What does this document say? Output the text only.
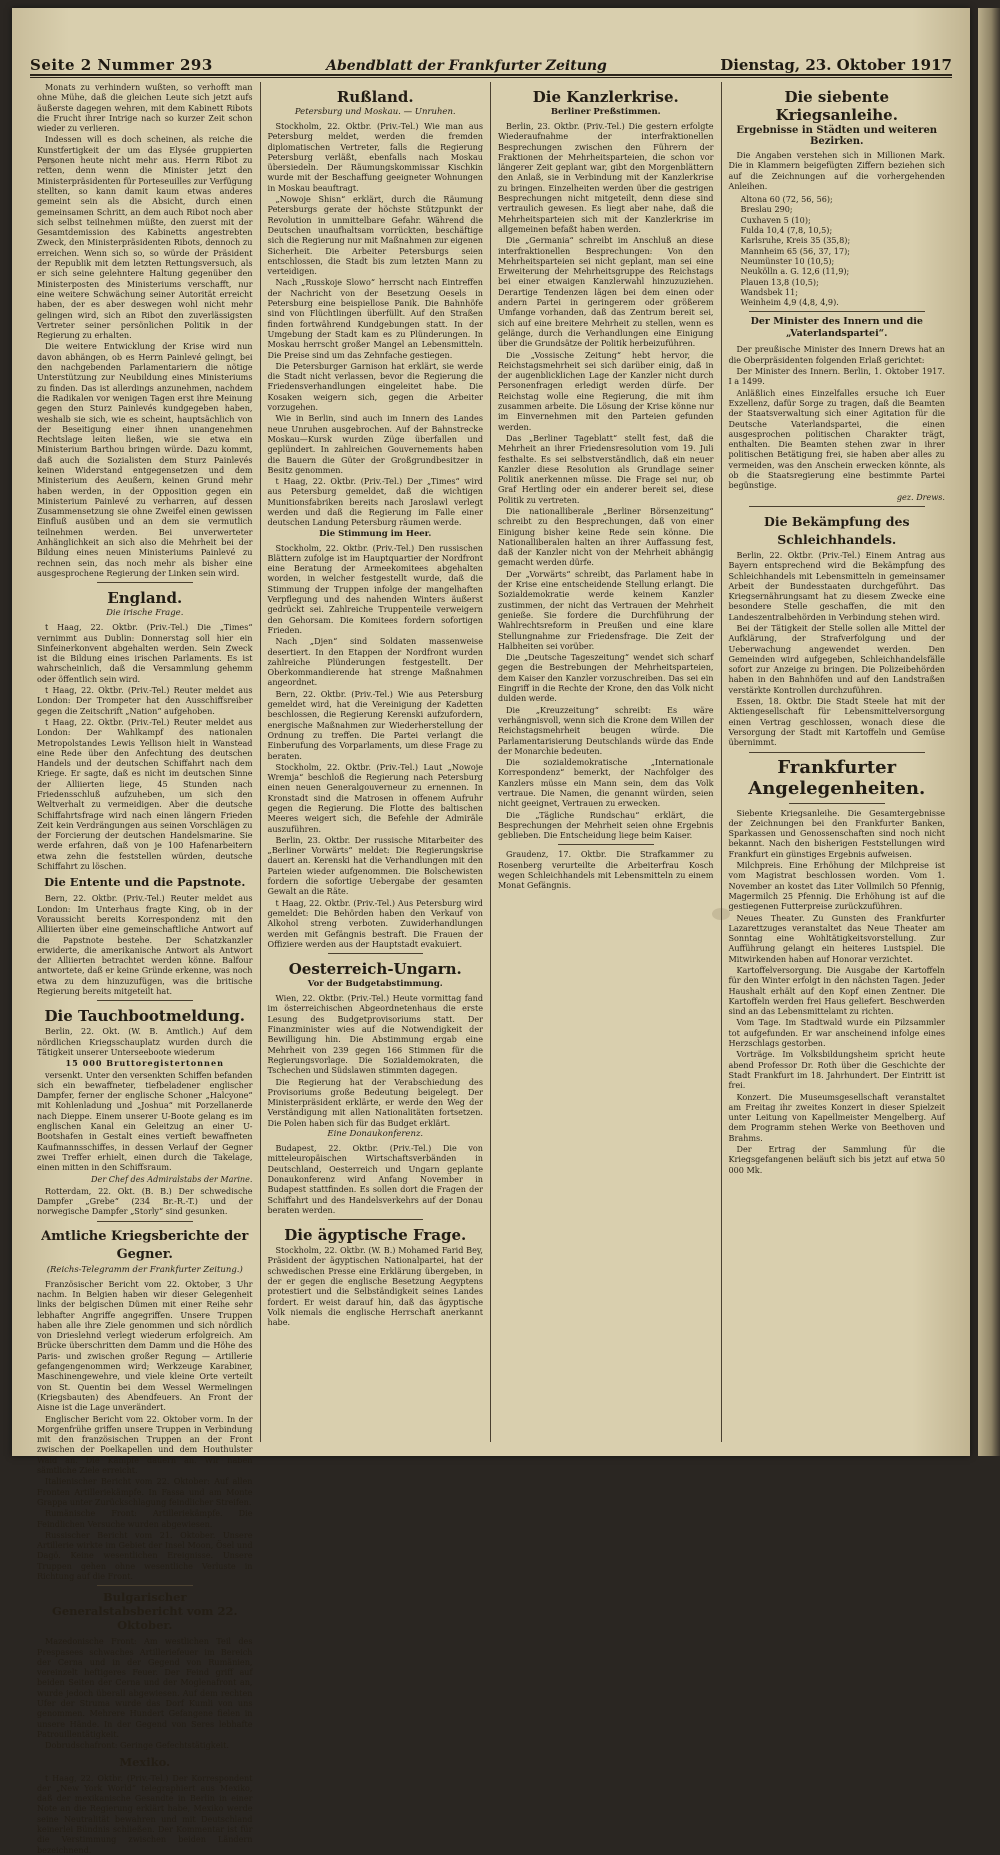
Seite 2 Nummer 293	Abendblatt der Frankfurter Zeitung	Dienstag, 23. Oktober 1917

Monats zu verhindern wußten, so verhofft man ohne Mühe, daß die gleichen Leute sich jetzt aufs äußerste dagegen wehren, mit dem Kabinett Ribots die Frucht ihrer Intrige nach so kurzer Zeit schon wieder zu verlieren.

Indessen will es doch scheinen, als reiche die Kunstfertigkeit der um das Elysée gruppierten Personen heute nicht mehr aus. Herrn Ribot zu retten, denn wenn die Minister jetzt den Ministerpräsidenten für Porteseuilles zur Verfügung stellten, so kann damit kaum etwas anderes gemeint sein als die Absicht, durch einen gemeinsamen Schritt, an dem auch Ribot noch aber sich selbst teilnehmen müßte, den zuerst mit der Gesamtdemission des Kabinetts angestrebten Zweck, den Ministerpräsidenten Ribots, dennoch zu erreichen. Wenn sich so, so würde der Präsident der Republik mit dem letzten Rettungsversuch, als er sich seine gelehntere Haltung gegenüber den Ministerposten des Ministeriums verschafft, nur eine weitere Schwächung seiner Autorität erreicht haben, der es aber deswegen wohl nicht mehr gelingen wird, sich an Ribot den zuverlässigsten Vertreter seiner persönlichen Politik in der Regierung zu erhalten.

Die weitere Entwicklung der Krise wird nun davon abhängen, ob es Herrn Painlevé gelingt, bei den nachgebenden Parlamentariern die nötige Unterstützung zur Neubildung eines Ministeriums zu finden. Das ist allerdings anzunehmen, nachdem die Radikalen vor wenigen Tagen erst ihre Meinung gegen den Sturz Painlevés kundgegeben haben, weshalb sie sich, wie es scheint, hauptsächlich von der Beseitigung einer ihnen unangenehmen Rechtslage leiten ließen, wie sie etwa ein Ministerium Barthou bringen würde. Dazu kommt, daß auch die Sozialisten dem Sturz Painlevés keinen Widerstand entgegensetzen und dem Ministerium des Aeußern, keinen Grund mehr haben werden, in der Opposition gegen ein Ministerium Painlevé zu verharren, auf dessen Zusammensetzung sie ohne Zweifel einen gewissen Einfluß ausüben und an dem sie vermutlich teilnehmen werden. Bei unverwerteter Anhänglichkeit an sich also die Mehrheit bei der Bildung eines neuen Ministeriums Painlevé zu rechnen sein, das noch mehr als bisher eine ausgesprochene Regierung der Linken sein wird.

England.
Die irische Frage.

t Haag, 22. Oktbr. (Priv.-Tel.) Die „Times“ vernimmt aus Dublin: Donnerstag soll hier ein Sinfeinerkonvent abgehalten werden. Sein Zweck ist die Bildung eines irischen Parlaments. Es ist wahrscheinlich, daß die Versammlung gehemm oder öffentlich sein wird.

t Haag, 22. Oktbr. (Priv.-Tel.) Reuter meldet aus London: Der Trompeter hat den Ausschiffsreiber gegen die Zeitschrift „Nation“ aufgehoben.

t Haag, 22. Oktbr. (Priv.-Tel.) Reuter meldet aus London: Der Wahlkampf des nationalen Metropolstandes Lewis Yellison hielt in Wanstead eine Rede über den Anfechtung des deutschen Handels und der deutschen Schiffahrt nach dem Kriege. Er sagte, daß es nicht im deutschen Sinne der Alliierten liege, 45 Stunden nach Friedensschluß aufzuheben, um sich den Weltverhalt zu vermeidigen. Aber die deutsche Schiffahrtsfrage wird nach einen längern Frieden Zeit kein Verdrängungen aus seinen Vorschlägen zu der Forcierung der deutschen Handelsmarine. Sie werde erfahren, daß von je 100 Hafenarbeitern etwa zehn die feststellen würden, deutsche Schiffahrt zu löschen.

Die Entente und die Papstnote.

Bern, 22. Oktbr. (Priv.-Tel.) Reuter meldet aus London: Im Unterhaus fragte King, ob in der Voraussicht bereits Korrespondenz mit den Alliierten über eine gemeinschaftliche Antwort auf die Papstnote bestehe. Der Schatzkanzler erwiderte, die amerikanische Antwort als Antwort der Alliierten betrachtet werden könne. Balfour antwortete, daß er keine Gründe erkenne, was noch etwa zu dem hinzuzufügen, was die britische Regierung bereits mitgeteilt hat.

Die Tauchbootmeldung.

Berlin, 22. Okt. (W. B. Amtlich.) Auf dem nördlichen Kriegsschauplatz wurden durch die Tätigkeit unserer Unterseeboote wiederum

15 000 Bruttoregistertonnen

versenkt. Unter den versenkten Schiffen befanden sich ein bewaffneter, tiefbeladener englischer Dampfer, ferner der englische Schoner „Halcyone“ mit Kohlenladung und „Joshua“ mit Porzellanerde nach Dieppe. Einem unserer U-Boote gelang es im englischen Kanal ein Geleitzug an einer U-Bootshafen in Gestalt eines vertieft bewaffneten Kaufmannsschiffes, in dessen Verlauf der Gegner zwei Treffer erhielt, einen durch die Takelage, einen mitten in den Schiffsraum.

Der Chef des Admiralstabs der Marine.

Rotterdam, 22. Okt. (B. B.) Der schwedische Dampfer „Grebe“ (234 Br.-R.-T.) und der norwegische Dampfer „Storly“ sind gesunken.

Amtliche Kriegsberichte der Gegner.
(Reichs-Telegramm der Frankfurter Zeitung.)

Französischer Bericht vom 22. Oktober, 3 Uhr nachm. In Belgien haben wir dieser Gelegenheit links der belgischen Dümen mit einer Reihe sehr lebhafter Angriffe angegriffen. Unsere Truppen haben alle ihre Ziele genommen und sich nördlich von Drieslehnd verlegt wiederum erfolgreich. Am Brücke überschritten dem Damm und die Höhe des Paris- und zwischen großer Regung — Artillerie gefangengenommen wird; Werkzeuge Karabiner, Maschinengewehre, und viele kleine Orte verteilt von St. Quentin bei dem Wessel Wermelingen (Kriegsbauten) des Abendfeuers. An Front der Aisne ist die Lage unverändert.

Englischer Bericht vom 22. Oktober vorm. In der Morgenfrühe griffen unsere Truppen in Verbindung mit den französischen Truppen an der Front zwischen der Poelkapellen und dem Houthulster Wald an. Die Kämpfe dauern an. Wir haben sämtliche Ziele erreicht.

Italienischer Bericht vom 22. Oktober: Auf allen Fronten Artilleriekämpfe. In Fassa und am Monte Grappa unter Zurückschlagung feindlicher Streifen.

Rumänische Front: Artilleriekämpfe. Die Feindlichen Versuche wurden abgewiesen.

Russischer Bericht vom 21. Oktober. Unsere Artillerie wirkte im Gebiet der Insel Moon, Ösel und Dagö. Keine wesentlichen Ereignisse. Unsere Truppen gehen ohne wesentliche Verluste in Richtung auf die Front.

Bulgarischer Generalstabsbericht vom 22. Oktober.

Mazedonische Front: Am westlichen Teil des Prespasees schwaches Artilleriefeuer im Bereich der Cerna und in der Gegend von Rumänien, vereinzelt heftigeres Feuer. Der Feind griff auf beiden Seiten der Cerna und der Moglenafront an, wurde jedoch überall abgewiesen. Auf dem rechten Ufer der Struma wurde das Dorf Kumli von uns genommen. Mehrere Hundert Gefangene fielen in unsere Hände. In der Gegend von Seres lebhafte Patrouillentätigkeit.

Dobrudschafront: Geringe Gefechtstätigkeit.

Mexiko.

t Haag, 22. Oktbr. (Priv.-Tel.) Der Korrespondent der „New York World“ telegraphiert aus Mexiko, daß der mexikanische Gesandte in Berlin in einer Note an die Regierung erklärt habe, Mexiko werde seine Neutralität bewahren und mit Deutschland keinerlei Bündnis schließen. Der Kommentar ist für die Verstimmung zwischen beiden Ländern bezeichnend.

Rußland.
Petersburg und Moskau. — Unruhen.

Stockholm, 22. Oktbr. (Priv.-Tel.) Wie man aus Petersburg meldet, werden die fremden diplomatischen Vertreter, falls die Regierung Petersburg verläßt, ebenfalls nach Moskau übersiedeln. Der Räumungskommissar Kischkin wurde mit der Beschaffung geeigneter Wohnungen in Moskau beauftragt.

„Nowoje Shisn“ erklärt, durch die Räumung Petersburgs gerate der höchste Stützpunkt der Revolution in unmittelbare Gefahr. Während die Deutschen unaufhaltsam vorrückten, beschäftige sich die Regierung nur mit Maßnahmen zur eigenen Sicherheit. Die Arbeiter Petersburgs seien entschlossen, die Stadt bis zum letzten Mann zu verteidigen.

Nach „Russkoje Slowo“ herrscht nach Eintreffen der Nachricht von der Besetzung Oesels in Petersburg eine beispiellose Panik. Die Bahnhöfe sind von Flüchtlingen überfüllt. Auf den Straßen finden fortwährend Kundgebungen statt. In der Umgebung der Stadt kam es zu Plünderungen. In Moskau herrscht großer Mangel an Lebensmitteln. Die Preise sind um das Zehnfache gestiegen.

Die Petersburger Garnison hat erklärt, sie werde die Stadt nicht verlassen, bevor die Regierung die Friedensverhandlungen eingeleitet habe. Die Kosaken weigern sich, gegen die Arbeiter vorzugehen.

Wie in Berlin, sind auch im Innern des Landes neue Unruhen ausgebrochen. Auf der Bahnstrecke Moskau—Kursk wurden Züge überfallen und geplündert. In zahlreichen Gouvernements haben die Bauern die Güter der Großgrundbesitzer in Besitz genommen.

t Haag, 22. Oktbr. (Priv.-Tel.) Der „Times“ wird aus Petersburg gemeldet, daß die wichtigen Munitionsfabriken bereits nach Jaroslawl verlegt werden und daß die Regierung im Falle einer deutschen Landung Petersburg räumen werde.

Die Stimmung im Heer.

Stockholm, 22. Oktbr. (Priv.-Tel.) Den russischen Blättern zufolge ist im Hauptquartier der Nordfront eine Beratung der Armeekomitees abgehalten worden, in welcher festgestellt wurde, daß die Stimmung der Truppen infolge der mangelhaften Verpflegung und des nahenden Winters äußerst gedrückt sei. Zahlreiche Truppenteile verweigern den Gehorsam. Die Komitees fordern sofortigen Frieden.

Nach „Djen“ sind Soldaten massenweise desertiert. In den Etappen der Nordfront wurden zahlreiche Plünderungen festgestellt. Der Oberkommandierende hat strenge Maßnahmen angeordnet.

Bern, 22. Oktbr. (Priv.-Tel.) Wie aus Petersburg gemeldet wird, hat die Vereinigung der Kadetten beschlossen, die Regierung Kerenski aufzufordern, energische Maßnahmen zur Wiederherstellung der Ordnung zu treffen. Die Partei verlangt die Einberufung des Vorparlaments, um diese Frage zu beraten.

Stockholm, 22. Oktbr. (Priv.-Tel.) Laut „Nowoje Wremja“ beschloß die Regierung nach Petersburg einen neuen Generalgouverneur zu ernennen. In Kronstadt sind die Matrosen in offenem Aufruhr gegen die Regierung. Die Flotte des baltischen Meeres weigert sich, die Befehle der Admiräle auszuführen.

Berlin, 23. Oktbr. Der russische Mitarbeiter des „Berliner Vorwärts“ meldet: Die Regierungskrise dauert an. Kerenski hat die Verhandlungen mit den Parteien wieder aufgenommen. Die Bolschewisten fordern die sofortige Uebergabe der gesamten Gewalt an die Räte.

t Haag, 22. Oktbr. (Priv.-Tel.) Aus Petersburg wird gemeldet: Die Behörden haben den Verkauf von Alkohol streng verboten. Zuwiderhandlungen werden mit Gefängnis bestraft. Die Frauen der Offiziere werden aus der Hauptstadt evakuiert.

Oesterreich-Ungarn.
Vor der Budgetabstimmung.

Wien, 22. Oktbr. (Priv.-Tel.) Heute vormittag fand im österreichischen Abgeordnetenhaus die erste Lesung des Budgetprovisoriums statt. Der Finanzminister wies auf die Notwendigkeit der Bewilligung hin. Die Abstimmung ergab eine Mehrheit von 239 gegen 166 Stimmen für die Regierungsvorlage. Die Sozialdemokraten, die Tschechen und Südslawen stimmten dagegen.

Die Regierung hat der Verabschiedung des Provisoriums große Bedeutung beigelegt. Der Ministerpräsident erklärte, er werde den Weg der Verständigung mit allen Nationalitäten fortsetzen. Die Polen haben sich für das Budget erklärt.

Eine Donaukonferenz.

Budapest, 22. Oktbr. (Priv.-Tel.) Die von mitteleuropäischen Wirtschaftsverbänden in Deutschland, Oesterreich und Ungarn geplante Donaukonferenz wird Anfang November in Budapest stattfinden. Es sollen dort die Fragen der Schiffahrt und des Handelsverkehrs auf der Donau beraten werden.

Die ägyptische Frage.

Stockholm, 22. Oktbr. (W. B.) Mohamed Farid Bey, Präsident der ägyptischen Nationalpartei, hat der schwedischen Presse eine Erklärung übergeben, in der er gegen die englische Besetzung Aegyptens protestiert und die Selbständigkeit seines Landes fordert. Er weist darauf hin, daß das ägyptische Volk niemals die englische Herrschaft anerkannt habe.

Die Kanzlerkrise.
Berliner Preßstimmen.

Berlin, 23. Oktbr. (Priv.-Tel.) Die gestern erfolgte Wiederaufnahme der interfraktionellen Besprechungen zwischen den Führern der Fraktionen der Mehrheitsparteien, die schon vor längerer Zeit geplant war, gibt den Morgenblättern den Anlaß, sie in Verbindung mit der Kanzlerkrise zu bringen. Einzelheiten werden über die gestrigen Besprechungen nicht mitgeteilt, denn diese sind vertraulich gewesen. Es liegt aber nahe, daß die Mehrheitsparteien sich mit der Kanzlerkrise im allgemeinen befaßt haben werden.

Die „Germania“ schreibt im Anschluß an diese interfraktionellen Besprechungen: Von den Mehrheitsparteien sei nicht geplant, man sei eine Erweiterung der Mehrheitsgruppe des Reichstags bei einer etwaigen Kanzlerwahl hinzuzuziehen. Derartige Tendenzen lägen bei dem einen oder andern Partei in geringerem oder größerem Umfange vorhanden, daß das Zentrum bereit sei, sich auf eine breitere Mehrheit zu stellen, wenn es gelänge, durch die Verhandlungen eine Einigung über die Grundsätze der Politik herbeizuführen.

Die „Vossische Zeitung“ hebt hervor, die Reichstagsmehrheit sei sich darüber einig, daß in der augenblicklichen Lage der Kanzler nicht durch Personenfragen erledigt werden dürfe. Der Reichstag wolle eine Regierung, die mit ihm zusammen arbeite. Die Lösung der Krise könne nur im Einvernehmen mit den Parteien gefunden werden.

Das „Berliner Tageblatt“ stellt fest, daß die Mehrheit an ihrer Friedensresolution vom 19. Juli festhalte. Es sei selbstverständlich, daß ein neuer Kanzler diese Resolution als Grundlage seiner Politik anerkennen müsse. Die Frage sei nur, ob Graf Hertling oder ein anderer bereit sei, diese Politik zu vertreten.

Die nationalliberale „Berliner Börsenzeitung“ schreibt zu den Besprechungen, daß von einer Einigung bisher keine Rede sein könne. Die Nationalliberalen halten an ihrer Auffassung fest, daß der Kanzler nicht von der Mehrheit abhängig gemacht werden dürfe.

Der „Vorwärts“ schreibt, das Parlament habe in der Krise eine entscheidende Stellung erlangt. Die Sozialdemokratie werde keinem Kanzler zustimmen, der nicht das Vertrauen der Mehrheit genieße. Sie fordere die Durchführung der Wahlrechtsreform in Preußen und eine klare Stellungnahme zur Friedensfrage. Die Zeit der Halbheiten sei vorüber.

Die „Deutsche Tageszeitung“ wendet sich scharf gegen die Bestrebungen der Mehrheitsparteien, dem Kaiser den Kanzler vorzuschreiben. Das sei ein Eingriff in die Rechte der Krone, den das Volk nicht dulden werde.

Die „Kreuzzeitung“ schreibt: Es wäre verhängnisvoll, wenn sich die Krone dem Willen der Reichstagsmehrheit beugen würde. Die Parlamentarisierung Deutschlands würde das Ende der Monarchie bedeuten.

Die sozialdemokratische „Internationale Korrespondenz“ bemerkt, der Nachfolger des Kanzlers müsse ein Mann sein, dem das Volk vertraue. Die Namen, die genannt würden, seien nicht geeignet, Vertrauen zu erwecken.

Die „Tägliche Rundschau“ erklärt, die Besprechungen der Mehrheit seien ohne Ergebnis geblieben. Die Entscheidung liege beim Kaiser.

Graudenz, 17. Oktbr. Die Strafkammer zu Rosenberg verurteilte die Arbeiterfrau Kosch wegen Schleichhandels mit Lebensmitteln zu einem Monat Gefängnis.

Die siebente Kriegsanleihe.
Ergebnisse in Städten und weiteren Bezirken.

Die Angaben verstehen sich in Millionen Mark. Die in Klammern beigefügten Ziffern beziehen sich auf die Zeichnungen auf die vorhergehenden Anleihen.

Altona 60 (72, 56, 56);
Breslau 290;
Cuxhaven 5 (10);
Fulda 10,4 (7,8, 10,5);
Karlsruhe, Kreis 35 (35,8);
Mannheim 65 (56, 37, 17);
Neumünster 10 (10,5);
Neukölln a. G. 12,6 (11,9);
Plauen 13,8 (10,5);
Wandsbek 11;
Weinheim 4,9 (4,8, 4,9).
Der Minister des Innern und die „Vaterlandspartei“.

Der preußische Minister des Innern Drews hat an die Oberpräsidenten folgenden Erlaß gerichtet:

Der Minister des Innern. Berlin, 1. Oktober 1917. I a 1499.

Anläßlich eines Einzelfalles ersuche ich Euer Exzellenz, dafür Sorge zu tragen, daß die Beamten der Staatsverwaltung sich einer Agitation für die Deutsche Vaterlandspartei, die einen ausgesprochen politischen Charakter trägt, enthalten. Die Beamten stehen zwar in ihrer politischen Betätigung frei, sie haben aber alles zu vermeiden, was den Anschein erwecken könnte, als ob die Staatsregierung eine bestimmte Partei begünstige.

gez. Drews.

Die Bekämpfung des Schleichhandels.

Berlin, 22. Oktbr. (Priv.-Tel.) Einem Antrag aus Bayern entsprechend wird die Bekämpfung des Schleichhandels mit Lebensmitteln in gemeinsamer Arbeit der Bundesstaaten durchgeführt. Das Kriegsernährungsamt hat zu diesem Zwecke eine besondere Stelle geschaffen, die mit den Landeszentralbehörden in Verbindung stehen wird.

Bei der Tätigkeit der Stelle sollen alle Mittel der Aufklärung, der Strafverfolgung und der Ueberwachung angewendet werden. Den Gemeinden wird aufgegeben, Schleichhandelsfälle sofort zur Anzeige zu bringen. Die Polizeibehörden haben in den Bahnhöfen und auf den Landstraßen verstärkte Kontrollen durchzuführen.

Essen, 18. Oktbr. Die Stadt Steele hat mit der Aktiengesellschaft für Lebensmittelversorgung einen Vertrag geschlossen, wonach diese die Versorgung der Stadt mit Kartoffeln und Gemüse übernimmt.

Frankfurter Angelegenheiten.

Siebente Kriegsanleihe. Die Gesamtergebnisse der Zeichnungen bei den Frankfurter Banken, Sparkassen und Genossenschaften sind noch nicht bekannt. Nach den bisherigen Feststellungen wird Frankfurt ein günstiges Ergebnis aufweisen.

Milchpreis. Eine Erhöhung der Milchpreise ist vom Magistrat beschlossen worden. Vom 1. November an kostet das Liter Vollmilch 50 Pfennig, Magermilch 25 Pfennig. Die Erhöhung ist auf die gestiegenen Futterpreise zurückzuführen.

Neues Theater. Zu Gunsten des Frankfurter Lazarettzuges veranstaltet das Neue Theater am Sonntag eine Wohltätigkeitsvorstellung. Zur Aufführung gelangt ein heiteres Lustspiel. Die Mitwirkenden haben auf Honorar verzichtet.

Kartoffelversorgung. Die Ausgabe der Kartoffeln für den Winter erfolgt in den nächsten Tagen. Jeder Haushalt erhält auf den Kopf einen Zentner. Die Kartoffeln werden frei Haus geliefert. Beschwerden sind an das Lebensmittelamt zu richten.

Vom Tage. Im Stadtwald wurde ein Pilzsammler tot aufgefunden. Er war anscheinend infolge eines Herzschlags gestorben.

Vorträge. Im Volksbildungsheim spricht heute abend Professor Dr. Roth über die Geschichte der Stadt Frankfurt im 18. Jahrhundert. Der Eintritt ist frei.

Konzert. Die Museumsgesellschaft veranstaltet am Freitag ihr zweites Konzert in dieser Spielzeit unter Leitung von Kapellmeister Mengelberg. Auf dem Programm stehen Werke von Beethoven und Brahms.

Der Ertrag der Sammlung für die Kriegsgefangenen beläuft sich bis jetzt auf etwa 50 000 Mk.
